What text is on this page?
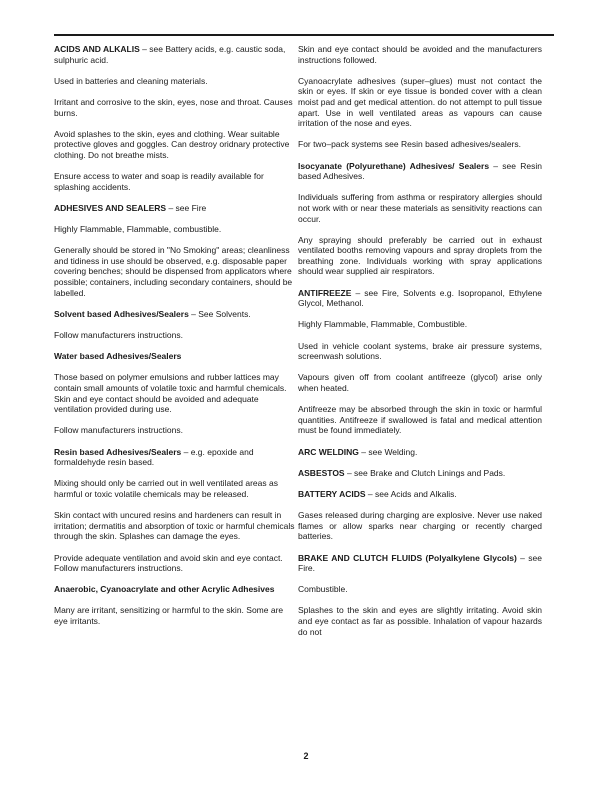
ACIDS AND ALKALIS – see Battery acids, e.g. caustic soda, sulphuric acid.

Used in batteries and cleaning materials.

Irritant and corrosive to the skin, eyes, nose and throat. Causes burns.

Avoid splashes to the skin, eyes and clothing. Wear suitable protective gloves and goggles. Can destroy oridnary protective clothing. Do not breathe mists.

Ensure access to water and soap is readily available for splashing accidents.

ADHESIVES AND SEALERS – see Fire

Highly Flammable, Flammable, combustible.

Generally should be stored in "No Smoking" areas; cleanliness and tidiness in use should be observed, e.g. disposable paper covering benches; should be dispensed from applicators where possible; containers, including secondary containers, should be labelled.

Solvent based Adhesives/Sealers – See Solvents.

Follow manufacturers instructions.

Water based Adhesives/Sealers

Those based on polymer emulsions and rubber lattices may contain small amounts of volatile toxic and harmful chemicals. Skin and eye contact should be avoided and adequate ventilation provided during use.

Follow manufacturers instructions.

Resin based Adhesives/Sealers – e.g. epoxide and formaldehyde resin based.

Mixing should only be carried out in well ventilated areas as harmful or toxic volatile chemicals may be released.

Skin contact with uncured resins and hardeners can result in irritation; dermatitis and absorption of toxic or harmful chemicals through the skin. Splashes can damage the eyes.

Provide adequate ventilation and avoid skin and eye contact. Follow manufacturers instructions.

Anaerobic, Cyanoacrylate and other Acrylic Adhesives

Many are irritant, sensitizing or harmful to the skin. Some are eye irritants.

Skin and eye contact should be avoided and the manufacturers instructions followed.

Cyanoacrylate adhesives (super–glues) must not contact the skin or eyes. If skin or eye tissue is bonded cover with a clean moist pad and get medical attention. do not attempt to pull tissue apart. Use in well ventilated areas as vapours can cause irritation of the nose and eyes.

For two–pack systems see Resin based adhesives/sealers.

Isocyanate (Polyurethane) Adhesives/ Sealers – see Resin based Adhesives.

Individuals suffering from asthma or respiratory allergies should not work with or near these materials as sensitivity reactions can occur.

Any spraying should preferably be carried out in exhaust ventilated booths removing vapours and spray droplets from the breathing zone. Individuals working with spray applications should wear supplied air respirators.

ANTIFREEZE – see Fire, Solvents e.g. Isopropanol, Ethylene Glycol, Methanol.

Highly Flammable, Flammable, Combustible.

Used in vehicle coolant systems, brake air pressure systems, screenwash solutions.

Vapours given off from coolant antifreeze (glycol) arise only when heated.

Antifreeze may be absorbed through the skin in toxic or harmful quantities. Antifreeze if swallowed is fatal and medical attention must be found immediately.

ARC WELDING – see Welding.

ASBESTOS – see Brake and Clutch Linings and Pads.

BATTERY ACIDS – see Acids and Alkalis.

Gases released during charging are explosive. Never use naked flames or allow sparks near charging or recently charged batteries.

BRAKE AND CLUTCH FLUIDS (Polyalkylene Glycols) – see Fire.

Combustible.

Splashes to the skin and eyes are slightly irritating. Avoid skin and eye contact as far as possible. Inhalation of vapour hazards do not

2
